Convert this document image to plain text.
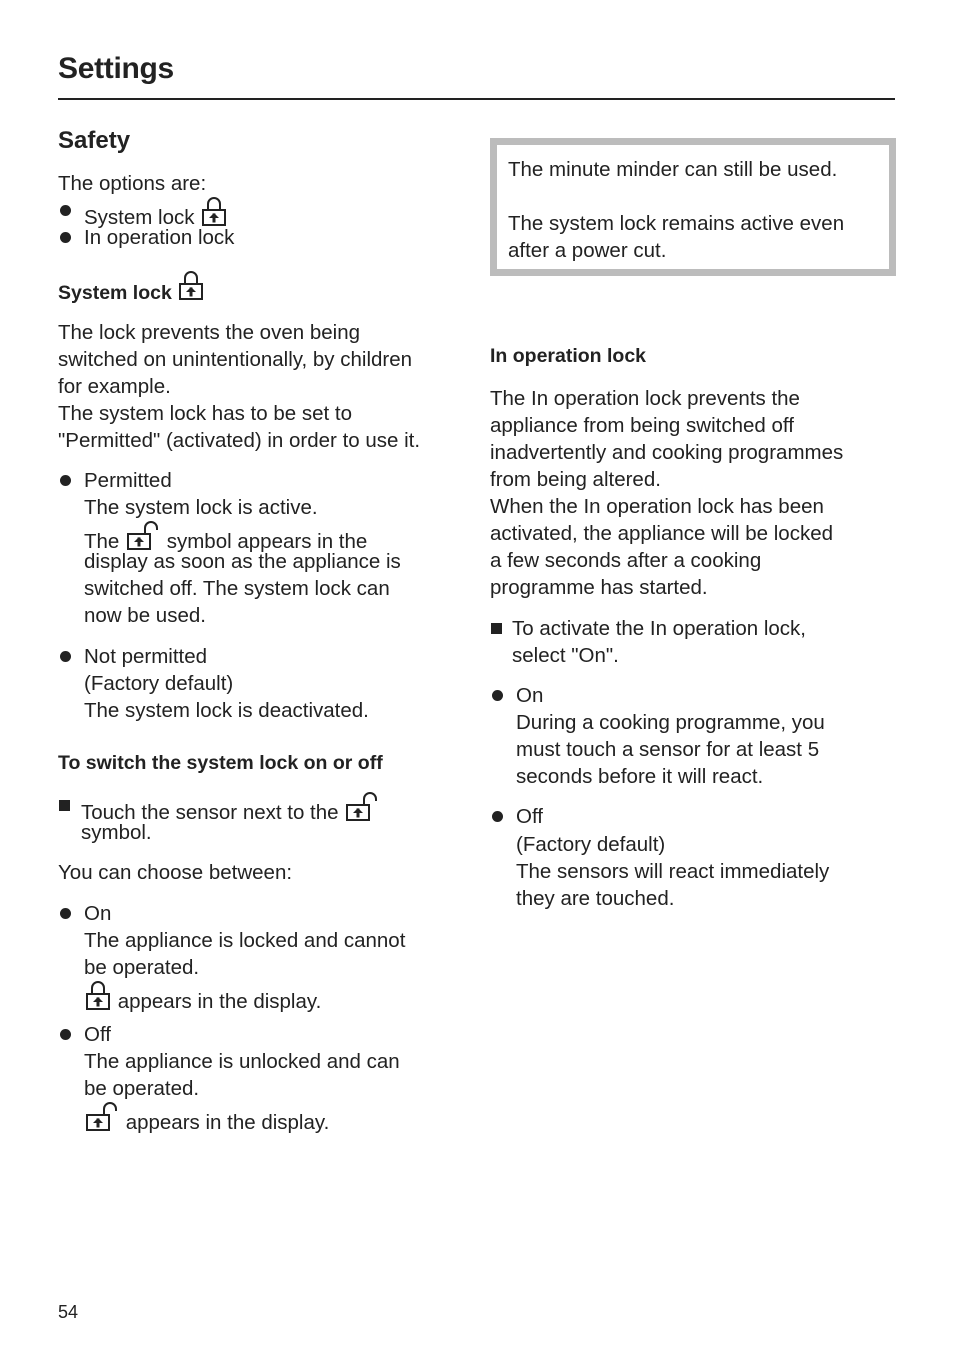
Settings
Safety
The options are:
System lock
In operation lock
System lock
The lock prevents the oven being
switched on unintentionally, by children
for example.
The system lock has to be set to
"Permitted" (activated) in order to use it.
Permitted
The system lock is active.
The symbol appears in the
display as soon as the appliance is
switched off. The system lock can
now be used.
Not permitted
(Factory default)
The system lock is deactivated.
To switch the system lock on or off
Touch the sensor next to the
symbol.
You can choose between:
On
The appliance is locked and cannot
be operated.
appears in the display.
Off
The appliance is unlocked and can
be operated.
appears in the display.
The minute minder can still be used.
The system lock remains active even
after a power cut.
In operation lock
The In operation lock prevents the
appliance from being switched off
inadvertently and cooking programmes
from being altered.
When the In operation lock has been
activated, the appliance will be locked
a few seconds after a cooking
programme has started.
To activate the In operation lock,
select "On".
On
During a cooking programme, you
must touch a sensor for at least 5
seconds before it will react.
Off
(Factory default)
The sensors will react immediately
they are touched.
54
